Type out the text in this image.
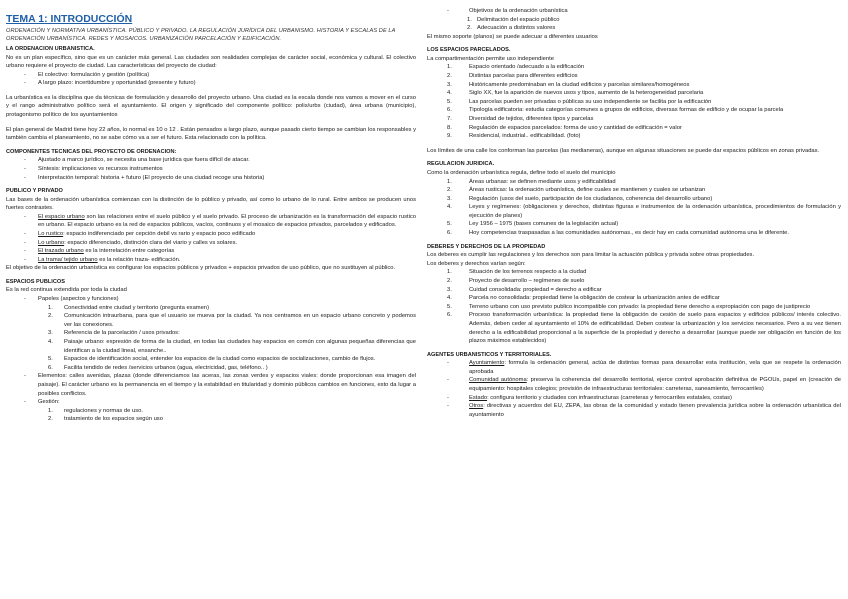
TEMA 1: INTRODUCCIÓN
ORDENACIÓN Y NORMATIVA URBANÍSTICA. PÚBLICO Y PRIVADO. LA REGULACIÓN JURÍDICA DEL URBANISMO. HISTORIA Y ESCALAS DE LA ORDENACIÓN URBANÍSTICA. REDES Y MOSAICOS. URBANIZACIÓN PARCELACIÓN Y EDIFICACIÓN.
LA ORDENACION URBANISTICA.
No es un plan específico, sino que es un carácter más general. Las ciudades son realidades complejas de carácter social, económica y cultural. El colectivo urbano requiere el proyecto de ciudad. Las características del proyecto de ciudad:
-	El colectivo: formulación y gestión (política)
-	A largo plazo: incertidumbre y oportunidad (presente y futuro)
La urbanística es la disciplina que da técnicas de formulación y desarrollo del proyecto urbano. Una ciudad es la escala donde nos vamos a mover en el curso y el rango administrativo político será el ayuntamiento. El origen y significado del componente político: polis/urbs (ciudad), área urbana (municipio), protagonismo político de los ayuntamientos
El plan general de Madrid tiene hoy 22 años, lo normal es 10 o 12 . Están pensados a largo plazo, aunque pasado cierto tiempo se cambian los responsables y también cambia el planeamiento, no se sabe cómo va a ser el futuro. Esta relacionado con la política.
COMPONENTES TECNICAS DEL PROYECTO DE ORDENACION:
-	Ajustado a marco jurídico, se necesita una base jurídica que fuera difícil de atacar.
-	Síntesis: implicaciones vs recursos instrumentos
-	Interpretación temporal: historia + futuro (El proyecto de una ciudad recoge una historia)
PUBLICO Y PRIVADO
Las bases de la ordenación urbanística comienzan con la distinción de lo público y privado, así como lo urbano de lo rural. Entre ambos se producen unos fuertes contrastes.
-	El espacio urbano son las relaciones entre el suelo público y el suelo privado. El proceso de urbanización es la transformación del espacio rustico en urbano. El espacio urbano es la red de espacios públicos, vacíos, continuos y el mosaico de espacios privados, parcelados y edificados.
-	Lo rustico: espacio indiferenciado per cepción debil vs rario y espacio poco edificado
-	Lo urbano: espacio diferenciado, distinción clara del viario y calles vs solares.
-	El trazado urbano es la interrelación entre categorías
-	La trama/ tejido urbano es la relación traza- edificación.
El objetivo de la ordenación urbanística es configurar los espacios públicos y privados + espacios privados de uso público, que no sustituyen al público.
ESPACIOS PUBLICOS
Es la red continua extendida por toda la ciudad
-	Papeles (aspectos y funciones)
1.	Conectividad entre ciudad y territorio (pregunta examen)
2.	Comunicación intraurbana, para que el usuario se mueva por la ciudad. Ya nos centramos en un espacio urbano concreto y podemos ver las conexiones.
3.	Referencia de la parcelación / usos privados:
4.	Paisaje urbano: expresión de forma de la ciudad, en todas las ciudades hay espacios en común con algunas pequeñas diferencias que identifican a la ciudad lineal, ensanche..
5.	Espacios de identificación social, entender los espacios de la ciudad como espacios de socializaciones, cambio de flujos.
6.	Facilita tendido de redes /servicios urbanos (agua, electricidad, gas, teléfono.. )
-	Elementos: calles avenidas, plazas (donde diferenciamos las aceras, las zonas verdes y espacios viales: donde proporcionan esa imagen del paisaje). El carácter urbano es la permanencia en el tiempo y la estabilidad en titularidad y dominio públicos cambios en funciones, esto da lugar a posibles conflictos.
-	Gestión:
1.	regulaciones y normas de uso.
2.	tratamiento de los espacios según uso
-	Objetivos de la ordenación urbanística
1. Delimitación del espacio público
2. Adecuación a distintos valores
El mismo soporte (planos) se puede adecuar a diferentes usuarios
LOS ESPACIOS PARCELADOS.
La compartimentación permite uso independiente
1.	Espacio orientado /adecuado a la edificación
2.	Distintas parcelas para diferentes edificios
3.	Históricamente predominaban en la ciudad edificios y parcelas similares/homogéneos
4.	Siglo XX, fue la aparición de nuevos usos y tipos, aumento de la heterogeneidad parcelaria
5.	Las parcelas pueden ser privadas o públicas su uso independiente se facilita por la edificación
6.	Tipología edificatoria: estudia categorías comunes a grupos de edificios, diversas formas de edificio y de ocupar la parcela
7.	Diversidad de tejidos, diferentes tipos y parcelas
8.	Regulación de espacios parcelados: forma de uso y cantidad de edificación = valor
9.	Residencial, industrial.. edificabilidad. (foto)
Los límites de una calle los conforman las parcelas (las medianeras), aunque en algunas situaciones se puede dar espacios públicos en zonas privadas.
REGULACION JURIDICA.
Como la ordenación urbanística regula, define todo el suelo del municipio
1.	Áreas urbanas: se definen mediante usos y edificabilidad
2.	Áreas rusticas: la ordenación urbanística, define cuales se mantienen y cuales se urbanizan
3.	Regulación (usos del suelo, participación de los ciudadanos, coherencia del desarrollo urbano)
4.	Leyes y regímenes: (obligaciones y derechos, distintas figuras e instrumentos de la ordenación urbanística, procedimientos de formulación y ejecución de planes)
5.	Ley 1956 – 1975 (bases comunes de la legislación actual)
6.	Hoy competencias traspasadas a las comunidades autónomas., es decir hay en cada comunidad autónoma una le diferente.
DEBERES Y DERECHOS DE LA PROPIEDAD
Los deberes es cumplir las regulaciones y los derechos son para limitar la actuación pública y privada sobre otras propiedades.
Los deberes y derechos varían según:
1.	Situación de los terrenos respecto a la ciudad
2.	Proyecto de desarrollo – regímenes de suelo
3.	Cuidad consolidada: propiedad = derecho a edificar
4.	Parcela no consolidada: propiedad tiene la obligación de costear la urbanización antes de edificar
5.	Terreno urbano con uso previsto publico incompatible con privado: la propiedad tiene derecho a expropiación con pago de justiprecio
6.	Proceso transformación urbanística: la propiedad tiene la obligación de cesión de suelo para espacios y edificios públicos/ interés colectivo. Además, deben ceder al ayuntamiento el 10% de edificabilidad. Deben costear la urbanización y los servicios necesarios. Pero a su vez tienen derecho a la edificabilidad proporcional a la superficie de la propiedad y derecho a desarrollar (aunque puede ser obligación en función de los plazos máximos establecidos)
AGENTES URBANISTICOS Y TERRITORIALES.
-	Ayuntamiento: formula la ordenación general, actúa de distintas formas para desarrollar esta institución, vela que se respete la ordenación aprobada
-	Comunidad autónoma: preserva la coherencia del desarrollo territorial, ejerce control aprobación definitiva de PGOUs, papel en (creación de equipamiento: hospitales colegios; provisión de infraestructuras territoriales: carreteras, saneamiento, ferrocarriles)
-	Estado: configura territorio y ciudades con infraestructuras (carreteras y ferrocarriles estatales, costas)
-	Otros: directivas y acuerdos del EU, ZEPA, las obras de la comunidad y estado tienen prevalencia jurídica sobre la ordenación urbanística del ayuntamiento
